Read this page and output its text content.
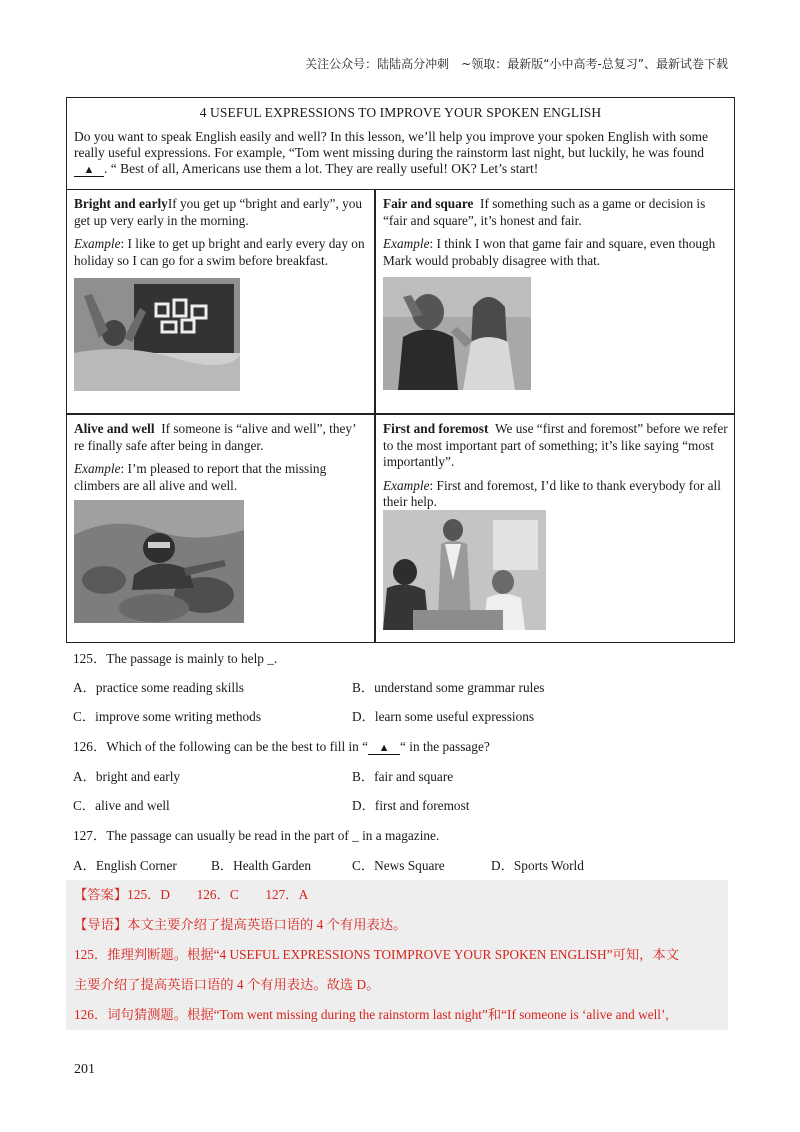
关注公众号：陆陆高分冲刺　~领取：最新版“小中高考-总复习”、最新试卷下载
4 USEFUL EXPRESSIONS TO IMPROVE YOUR SPOKEN ENGLISH
Do you want to speak English easily and well? In this lesson, we’ll help you improve your spoken English with some really useful expressions. For example, “Tom went missing during the rainstorm last night, but luckily, he was found ▲ . “ Best of all, Americans use them a lot. They are really useful! OK? Let’s start!

Bright and earlyIf you get up “bright and early”, you get up very early in the morning.

Example: I like to get up bright and early every day on holiday so I can go for a swim before breakfast.

Fair and square If something such as a game or decision is “fair and square”, it’s honest and fair.

Example: I think I won that game fair and square, even though Mark would probably disagree with that.

Alive and well If someone is “alive and well”, they’ re finally safe after being in danger.

Example: I’m pleased to report that the missing climbers are all alive and well.

First and foremost We use “first and foremost” before we refer to the most important part of something; it’s like saying “most importantly”.

Example: First and foremost, I’d like to thank everybody for all their help.

125．The passage is mainly to help _.
A．practice some reading skills	B．understand some grammar rules
C．improve some writing methods	D．learn some useful expressions
126．Which of the following can be the best to fill in “ ▲ “ in the passage?
A．bright and early	B．fair and square
C．alive and well	D．first and foremost
127．The passage can usually be read in the part of _ in a magazine.
A．English Corner	B．Health Garden	C．News Square	D．Sports World
【答案】125．D　　126．C　　127．A
【导语】本文主要介绍了提高英语口语的 4 个有用表达。
125．推理判断题。根据“4 USEFUL EXPRESSIONS TOIMPROVE YOUR SPOKEN ENGLISH”可知，本文
主要介绍了提高英语口语的 4 个有用表达。故选 D。
126．词句猜测题。根据“Tom went missing during the rainstorm last night”和“If someone is ‘alive and well’,
201
